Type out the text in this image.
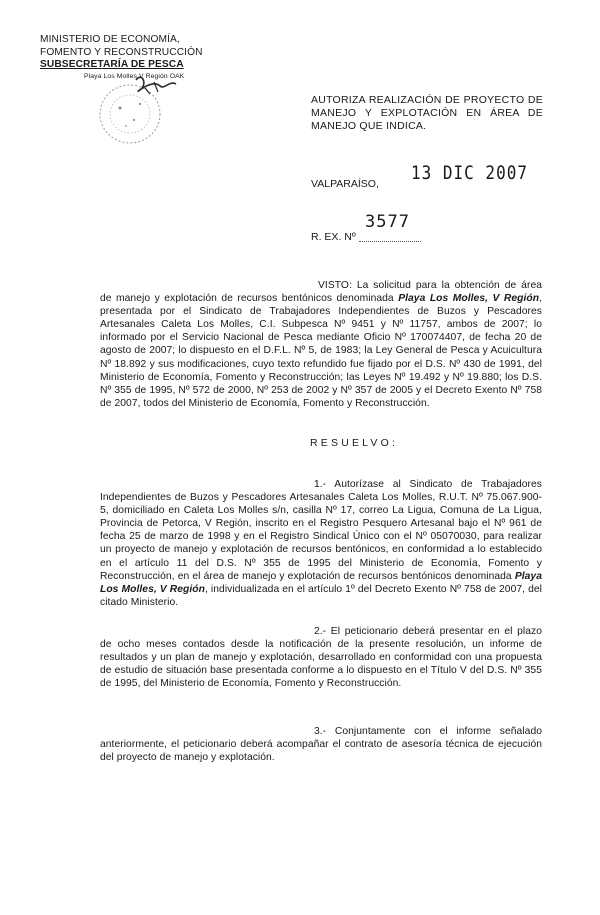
MINISTERIO DE ECONOMÍA,
FOMENTO Y RECONSTRUCCIÓN
SUBSECRETARÍA DE PESCA
Playa Los Molles V Región OAK
AUTORIZA REALIZACIÓN DE PROYECTO DE MANEJO Y EXPLOTACIÓN EN ÁREA DE MANEJO QUE INDICA.
VALPARAÍSO,
13 DIC 2007
3577
R. EX. Nº
VISTO: La solicitud para la obtención de área de manejo y explotación de recursos bentónicos denominada Playa Los Molles, V Región, presentada por el Sindicato de Trabajadores Independientes de Buzos y Pescadores Artesanales Caleta Los Molles, C.I. Subpesca Nº 9451 y Nº 11757, ambos de 2007; lo informado por el Servicio Nacional de Pesca mediante Oficio Nº 170074407, de fecha 20 de agosto de 2007; lo dispuesto en el D.F.L. Nº 5, de 1983; la Ley General de Pesca y Acuicultura Nº 18.892 y sus modificaciones, cuyo texto refundido fue fijado por el D.S. Nº 430 de 1991, del Ministerio de Economía, Fomento y Reconstrucción; las Leyes Nº 19.492 y Nº 19.880; los D.S. Nº 355 de 1995, Nº 572 de 2000, Nº 253 de 2002 y Nº 357 de 2005 y el Decreto Exento Nº 758 de 2007, todos del Ministerio de Economía, Fomento y Reconstrucción.
RESUELVO:
1.- Autorízase al Sindicato de Trabajadores Independientes de Buzos y Pescadores Artesanales Caleta Los Molles, R.U.T. Nº 75.067.900-5, domiciliado en Caleta Los Molles s/n, casilla Nº 17, correo La Ligua, Comuna de La Ligua, Provincia de Petorca, V Región, inscrito en el Registro Pesquero Artesanal bajo el Nº 961 de fecha 25 de marzo de 1998 y en el Registro Sindical Único con el Nº 05070030, para realizar un proyecto de manejo y explotación de recursos bentónicos, en conformidad a lo establecido en el artículo 11 del D.S. Nº 355 de 1995 del Ministerio de Economía, Fomento y Reconstrucción, en el área de manejo y explotación de recursos bentónicos denominada Playa Los Molles, V Región, individualizada en el artículo 1º del Decreto Exento Nº 758 de 2007, del citado Ministerio.
2.- El peticionario deberá presentar en el plazo de ocho meses contados desde la notificación de la presente resolución, un informe de resultados y un plan de manejo y explotación, desarrollado en conformidad con una propuesta de estudio de situación base presentada conforme a lo dispuesto en el Título V del D.S. Nº 355 de 1995, del Ministerio de Economía, Fomento y Reconstrucción.
3.- Conjuntamente con el informe señalado anteriormente, el peticionario deberá acompañar el contrato de asesoría técnica de ejecución del proyecto de manejo y explotación.
